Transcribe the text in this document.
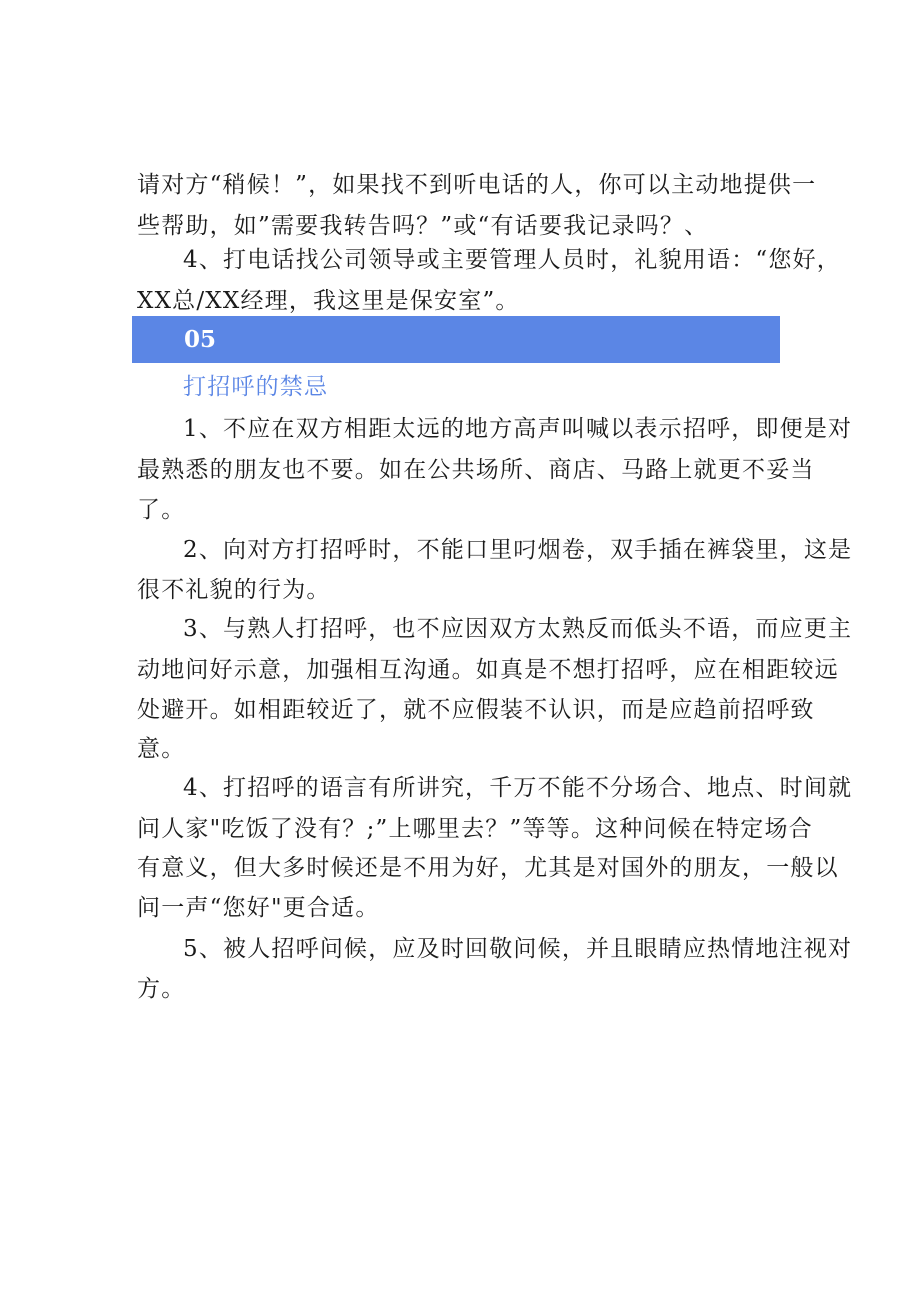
请对方“稍候！”，如果找不到听电话的人，你可以主动地提供一
些帮助，如”需要我转告吗？”或“有话要我记录吗？、
4、打电话找公司领导或主要管理人员时，礼貌用语：“您好，
XX总/XX经理，我这里是保安室”。
05
打招呼的禁忌
1、不应在双方相距太远的地方高声叫喊以表示招呼，即便是对
最熟悉的朋友也不要。如在公共场所、商店、马路上就更不妥当
了。
2、向对方打招呼时，不能口里叼烟卷，双手插在裤袋里，这是
很不礼貌的行为。
3、与熟人打招呼，也不应因双方太熟反而低头不语，而应更主
动地问好示意，加强相互沟通。如真是不想打招呼，应在相距较远
处避开。如相距较近了，就不应假装不认识，而是应趋前招呼致
意。
4、打招呼的语言有所讲究，千万不能不分场合、地点、时间就
问人家"吃饭了没有？;”上哪里去？”等等。这种问候在特定场合
有意义，但大多时候还是不用为好，尤其是对国外的朋友，一般以
问一声“您好"更合适。
5、被人招呼问候，应及时回敬问候，并且眼睛应热情地注视对
方。
